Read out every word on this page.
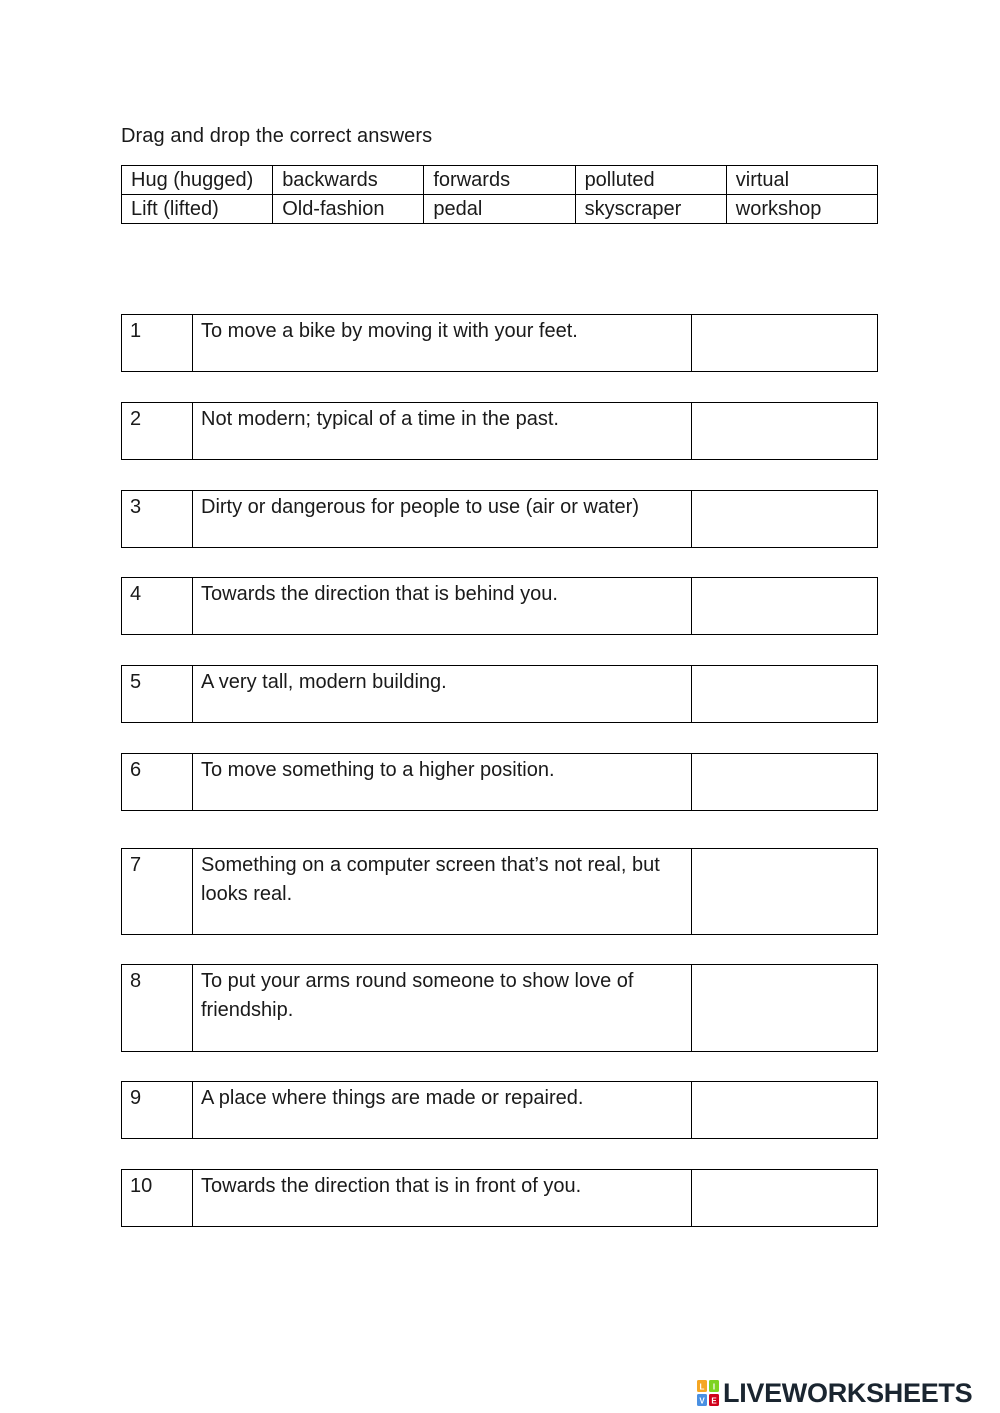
Drag and drop the correct answers
Hug (hugged)	backwards	forwards	polluted	virtual
Lift (lifted)	Old-fashion	pedal	skyscraper	workshop
1	To move a bike by moving it with your feet.	
2	Not modern; typical of a time in the past.	
3	Dirty or dangerous for people to use (air or water)	
4	Towards the direction that is behind you.	
5	A very tall, modern building.	
6	To move something to a higher position.	
7	Something on a computer screen that’s not real, but looks real.	
8	To put your arms round someone to show love of friendship.	
9	A place where things are made or repaired.	
10	Towards the direction that is in front of you.	
L I
V E LIVEWORKSHEETS
